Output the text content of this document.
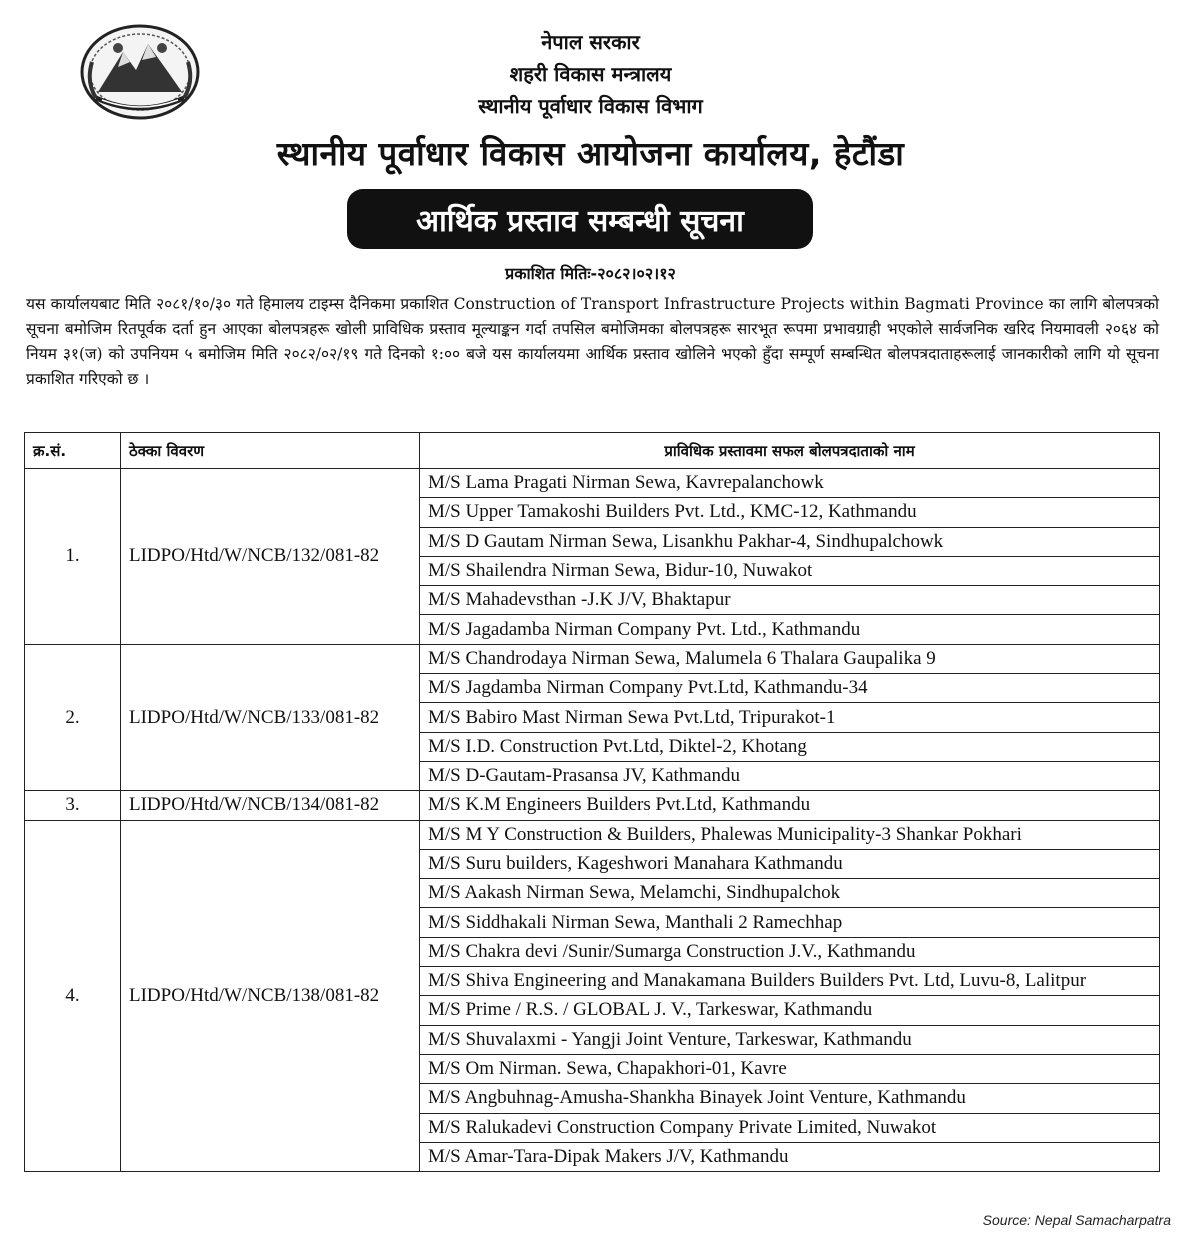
नेपाल सरकार
शहरी विकास मन्त्रालय
स्थानीय पूर्वाधार विकास विभाग
स्थानीय पूर्वाधार विकास आयोजना कार्यालय, हेटौंडा
आर्थिक प्रस्ताव सम्बन्धी सूचना
प्रकाशित मितिः-२०८२।०२।१२
यस कार्यालयबाट मिति २०८१/१०/३० गते हिमालय टाइम्स दैनिकमा प्रकाशित Construction of Transport Infrastructure Projects within Bagmati Province का लागि बोलपत्रको सूचना बमोजिम रितपूर्वक दर्ता हुन आएका बोलपत्रहरू खोली प्राविधिक प्रस्ताव मूल्याङ्कन गर्दा तपसिल बमोजिमका बोलपत्रहरू सारभूत रूपमा प्रभावग्राही भएकोले सार्वजनिक खरिद नियमावली २०६४ को नियम ३१(ज) को उपनियम ५ बमोजिम मिति २०८२/०२/१९ गते दिनको १:०० बजे यस कार्यालयमा आर्थिक प्रस्ताव खोलिने भएको हुँदा सम्पूर्ण सम्बन्धित बोलपत्रदाताहरूलाई जानकारीको लागि यो सूचना प्रकाशित गरिएको छ ।
क्र.सं.	ठेक्का विवरण	प्राविधिक प्रस्तावमा सफल बोलपत्रदाताको नाम
1.	LIDPO/Htd/W/NCB/132/081-82	M/S Lama Pragati Nirman Sewa, Kavrepalanchowk
		M/S Upper Tamakoshi Builders Pvt. Ltd., KMC-12, Kathmandu
		M/S D Gautam Nirman Sewa, Lisankhu Pakhar-4, Sindhupalchowk
		M/S Shailendra Nirman Sewa, Bidur-10, Nuwakot
		M/S Mahadevsthan -J.K J/V, Bhaktapur
		M/S Jagadamba Nirman Company Pvt. Ltd., Kathmandu
2.	LIDPO/Htd/W/NCB/133/081-82	M/S Chandrodaya Nirman Sewa, Malumela 6 Thalara Gaupalika 9
		M/S Jagdamba Nirman Company Pvt.Ltd, Kathmandu-34
		M/S Babiro Mast Nirman Sewa Pvt.Ltd, Tripurakot-1
		M/S I.D. Construction Pvt.Ltd, Diktel-2, Khotang
		M/S D-Gautam-Prasansa JV, Kathmandu
3.	LIDPO/Htd/W/NCB/134/081-82	M/S K.M Engineers Builders Pvt.Ltd, Kathmandu
4.	LIDPO/Htd/W/NCB/138/081-82	M/S M Y Construction & Builders, Phalewas Municipality-3 Shankar Pokhari
		M/S Suru builders, Kageshwori Manahara Kathmandu
		M/S Aakash Nirman Sewa, Melamchi, Sindhupalchok
		M/S Siddhakali Nirman Sewa, Manthali 2 Ramechhap
		M/S Chakra devi /Sunir/Sumarga Construction J.V., Kathmandu
		M/S Shiva Engineering and Manakamana Builders Builders Pvt. Ltd, Luvu-8, Lalitpur
		M/S Prime / R.S. / GLOBAL J. V., Tarkeswar, Kathmandu
		M/S Shuvalaxmi - Yangji Joint Venture, Tarkeswar, Kathmandu
		M/S Om Nirman. Sewa, Chapakhori-01, Kavre
		M/S Angbuhnag-Amusha-Shankha Binayek Joint Venture, Kathmandu
		M/S Ralukadevi Construction Company Private Limited, Nuwakot
		M/S Amar-Tara-Dipak Makers J/V, Kathmandu
Source: Nepal Samacharpatra
